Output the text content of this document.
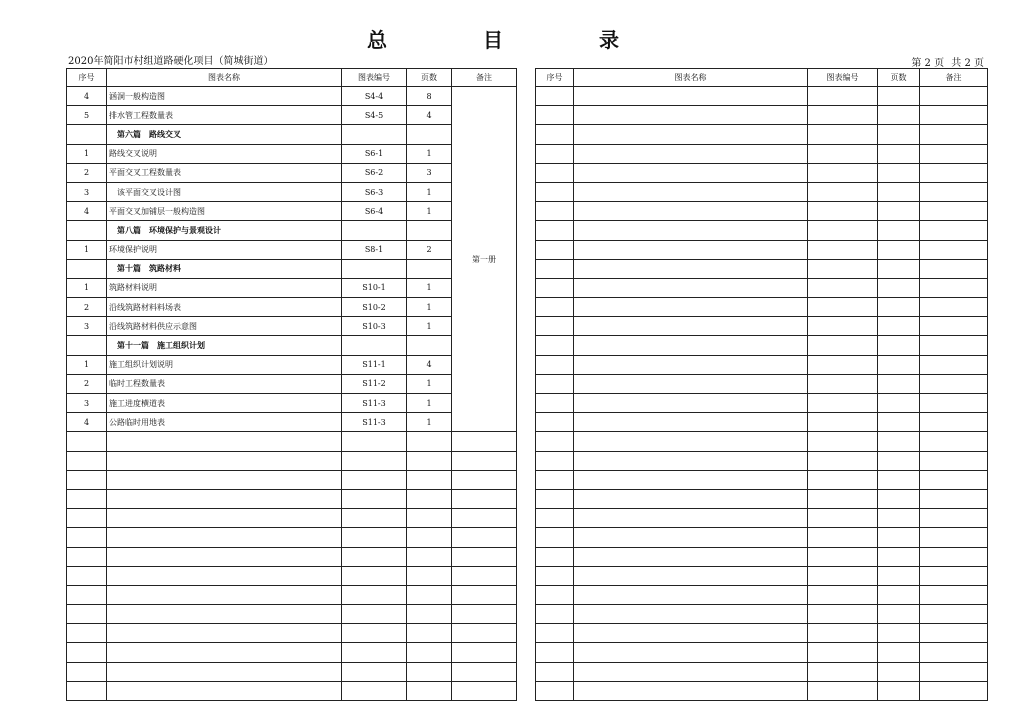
总　目　录
2020年简阳市村组道路硬化项目（简城街道）	第 2 页 共 2 页
序号	图表名称	图表编号	页数	备注
4	涵洞一般构造图	S4-4	8	第一册
5	排水管工程数量表	S4-5	4	
	第六篇　路线交叉			
1	路线交叉说明	S6-1	1	
2	平面交叉工程数量表	S6-2	3	
3	　该平面交叉设计图	S6-3	1	
4	平面交叉加铺层一般构造图	S6-4	1	
	第八篇　环境保护与景观设计			
1	环境保护说明	S8-1	2	
	第十篇　筑路材料			
1	筑路材料说明	S10-1	1	
2	沿线筑路材料料场表	S10-2	1	
3	沿线筑路材料供应示意图	S10-3	1	
	第十一篇　施工组织计划			
1	施工组织计划说明	S11-1	4	
2	临时工程数量表	S11-2	1	
3	施工进度横道表	S11-3	1	
4	公路临时用地表	S11-3	1	

序号	图表名称	图表编号	页数	备注
